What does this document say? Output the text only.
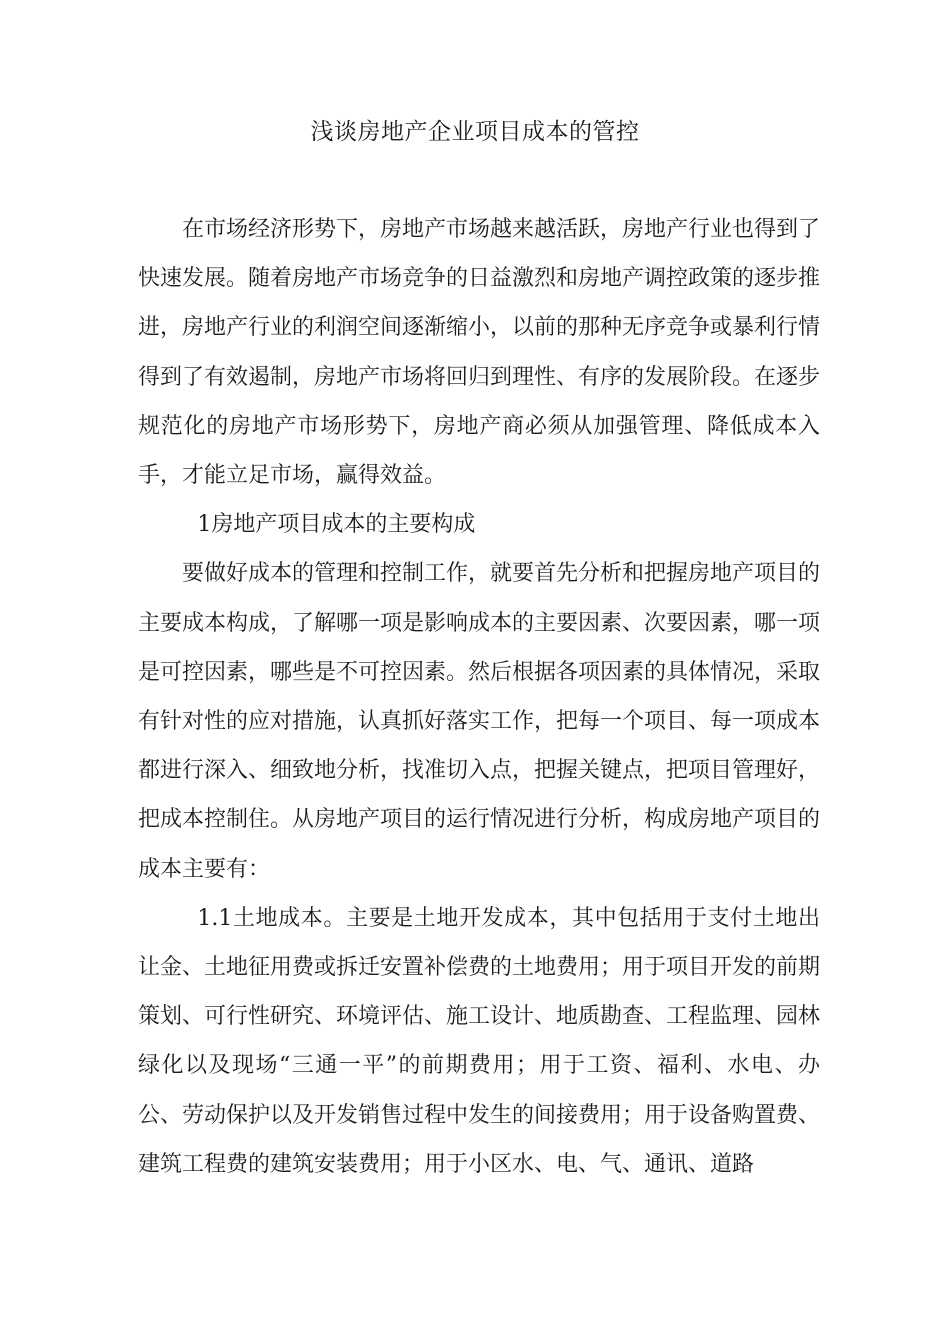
浅谈房地产企业项目成本的管控

在市场经济形势下，房地产市场越来越活跃，房地产行业也得到了快速发展。随着房地产市场竞争的日益激烈和房地产调控政策的逐步推进，房地产行业的利润空间逐渐缩小，以前的那种无序竞争或暴利行情得到了有效遏制，房地产市场将回归到理性、有序的发展阶段。在逐步规范化的房地产市场形势下，房地产商必须从加强管理、降低成本入手，才能立足市场，赢得效益。

1房地产项目成本的主要构成

要做好成本的管理和控制工作，就要首先分析和把握房地产项目的主要成本构成，了解哪一项是影响成本的主要因素、次要因素，哪一项是可控因素，哪些是不可控因素。然后根据各项因素的具体情况，采取有针对性的应对措施，认真抓好落实工作，把每一个项目、每一项成本都进行深入、细致地分析，找准切入点，把握关键点，把项目管理好，把成本控制住。从房地产项目的运行情况进行分析，构成房地产项目的成本主要有：

1.1土地成本。主要是土地开发成本，其中包括用于支付土地出让金、土地征用费或拆迁安置补偿费的土地费用；用于项目开发的前期策划、可行性研究、环境评估、施工设计、地质勘查、工程监理、园林绿化以及现场“三通一平”的前期费用；用于工资、福利、水电、办公、劳动保护以及开发销售过程中发生的间接费用；用于设备购置费、建筑工程费的建筑安装费用；用于小区水、电、气、通讯、道路
